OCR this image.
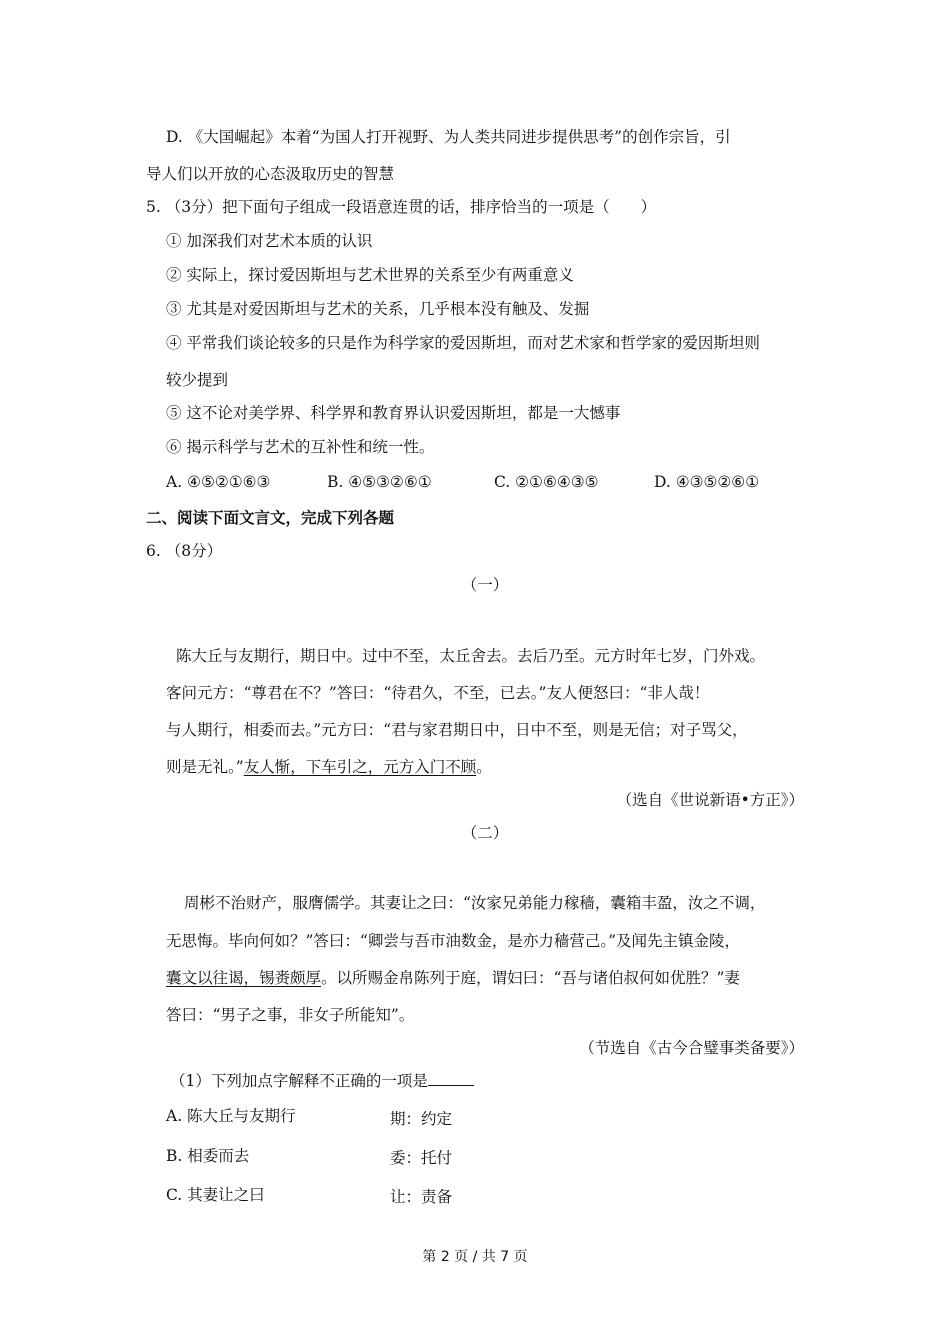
D. 《大国崛起》本着“为国人打开视野、为人类共同进步提供思考”的创作宗旨，引
导人们以开放的心态汲取历史的智慧
5. （3分）把下面句子组成一段语意连贯的话，排序恰当的一项是（　　）
① 加深我们对艺术本质的认识
② 实际上，探讨爱因斯坦与艺术世界的关系至少有两重意义
③ 尤其是对爱因斯坦与艺术的关系，几乎根本没有触及、发掘
④ 平常我们谈论较多的只是作为科学家的爱因斯坦，而对艺术家和哲学家的爱因斯坦则
较少提到
⑤ 这不论对美学界、科学界和教育界认识爱因斯坦，都是一大憾事
⑥ 揭示科学与艺术的互补性和统一性。
A. ④⑤②①⑥③	B. ④⑤③②⑥①	C. ②①⑥④③⑤	D. ④③⑤②⑥①
二、阅读下面文言文，完成下列各题
6. （8分）
（一）
陈大丘与友期行，期日中。过中不至，太丘舍去。去后乃至。元方时年七岁，门外戏。
客问元方：“尊君在不？”答曰：“待君久，不至，已去。”友人便怒曰：“非人哉！
与人期行，相委而去。”元方曰：“君与家君期日中，日中不至，则是无信；对子骂父，
则是无礼。”友人惭，下车引之，元方入门不顾。
（选自《世说新语•方正》）
（二）
周彬不治财产，服膺儒学。其妻让之曰：“汝家兄弟能力稼穑，囊箱丰盈，汝之不调，
无思悔。毕向何如？”答曰：“卿尝与吾市油数金，是亦力穑营己。”及闻先主镇金陵，
囊文以往谒，锡赉颇厚。以所赐金帛陈列于庭，谓妇曰：“吾与诸伯叔何如优胜？”妻
答曰：“男子之事，非女子所能知”。
（节选自《古今合璧事类备要》）
（1）下列加点字解释不正确的一项是
A. 陈大丘与友期行	期：约定
B. 相委而去	委：托付
C. 其妻让之曰	让：责备
第 2 页 / 共 7 页
